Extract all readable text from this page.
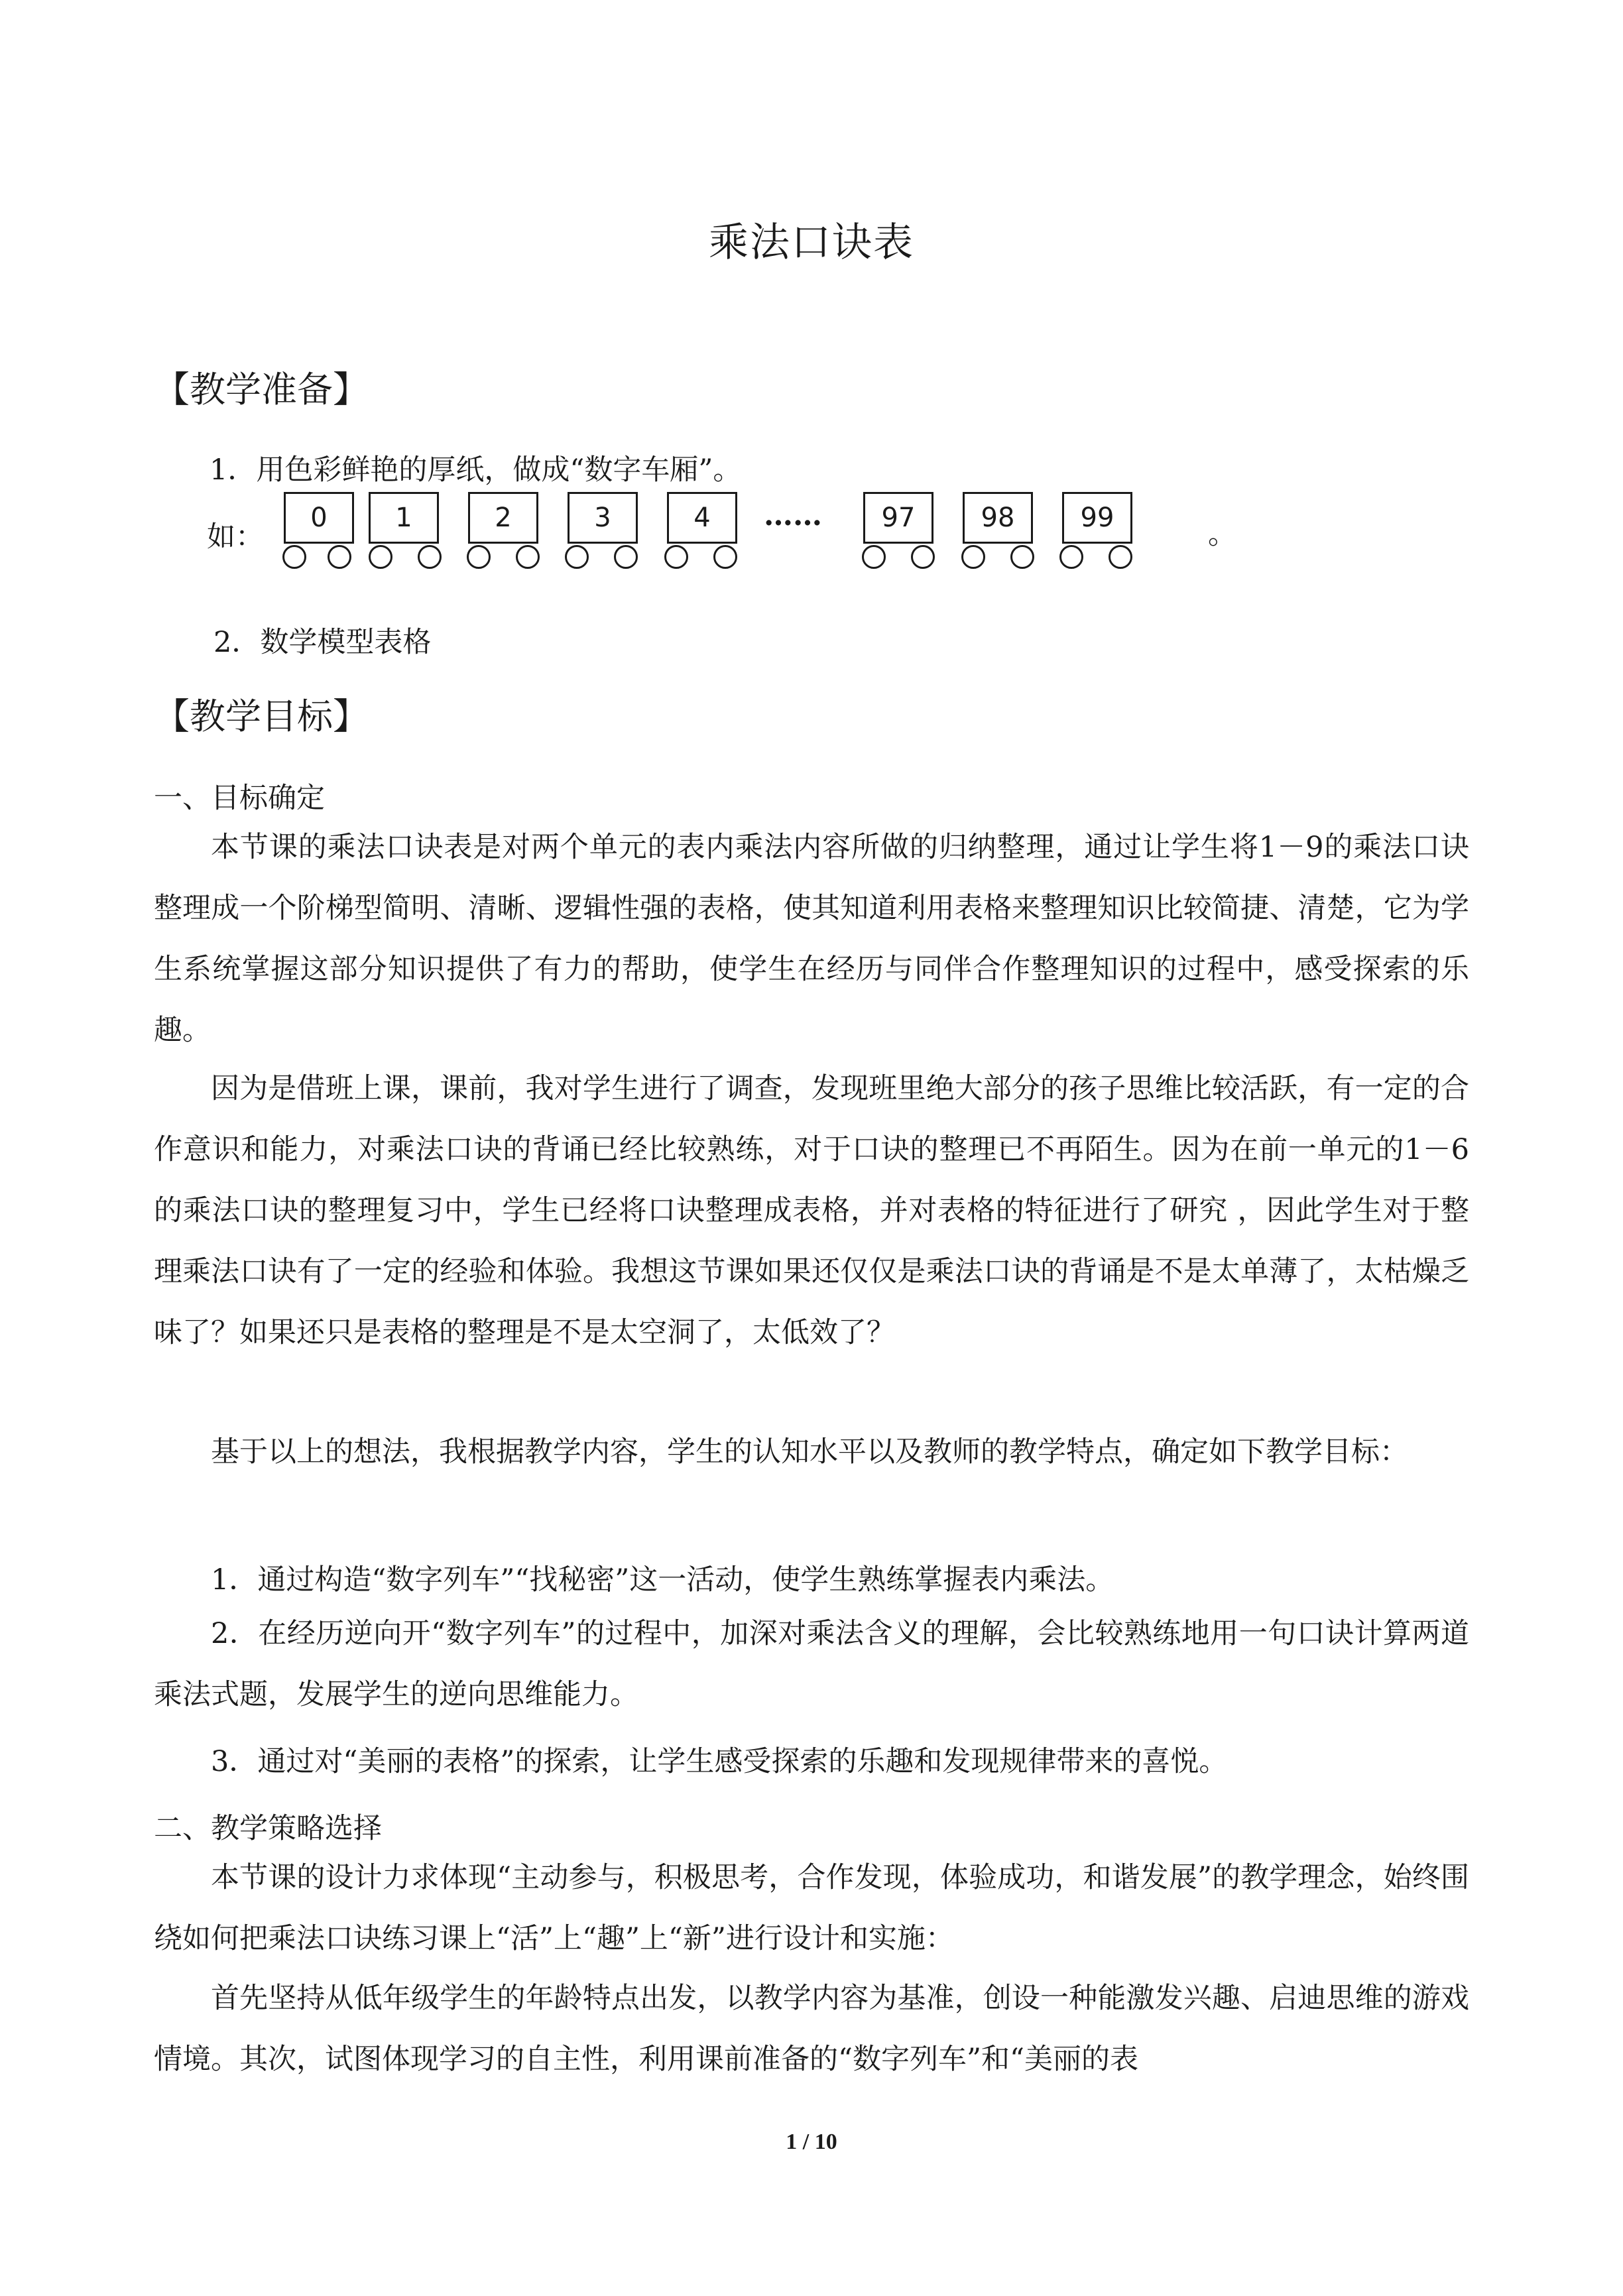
乘法口诀表
【教学准备】
1．用色彩鲜艳的厚纸，做成“数字车厢”。
如：
0	1	2	3	4	……	97	98	99	。
2．数学模型表格
【教学目标】
一、目标确定
本节课的乘法口诀表是对两个单元的表内乘法内容所做的归纳整理，通过让学生将1－9的乘法口诀整理成一个阶梯型简明、清晰、逻辑性强的表格，使其知道利用表格来整理知识比较简捷、清楚，它为学生系统掌握这部分知识提供了有力的帮助，使学生在经历与同伴合作整理知识的过程中，感受探索的乐趣。
因为是借班上课，课前，我对学生进行了调查，发现班里绝大部分的孩子思维比较活跃，有一定的合作意识和能力，对乘法口诀的背诵已经比较熟练，对于口诀的整理已不再陌生。因为在前一单元的1－6的乘法口诀的整理复习中，学生已经将口诀整理成表格，并对表格的特征进行了研究 ，因此学生对于整理乘法口诀有了一定的经验和体验。我想这节课如果还仅仅是乘法口诀的背诵是不是太单薄了，太枯燥乏味了？如果还只是表格的整理是不是太空洞了，太低效了？
基于以上的想法，我根据教学内容，学生的认知水平以及教师的教学特点，确定如下教学目标：
1．通过构造“数字列车”“找秘密”这一活动，使学生熟练掌握表内乘法。
2．在经历逆向开“数字列车”的过程中，加深对乘法含义的理解，会比较熟练地用一句口诀计算两道乘法式题，发展学生的逆向思维能力。
3．通过对“美丽的表格”的探索，让学生感受探索的乐趣和发现规律带来的喜悦。
二、教学策略选择
本节课的设计力求体现“主动参与，积极思考，合作发现，体验成功，和谐发展”的教学理念，始终围绕如何把乘法口诀练习课上“活”上“趣”上“新”进行设计和实施：
首先坚持从低年级学生的年龄特点出发，以教学内容为基准，创设一种能激发兴趣、启迪思维的游戏情境。其次，试图体现学习的自主性，利用课前准备的“数字列车”和“美丽的表
1 / 10
